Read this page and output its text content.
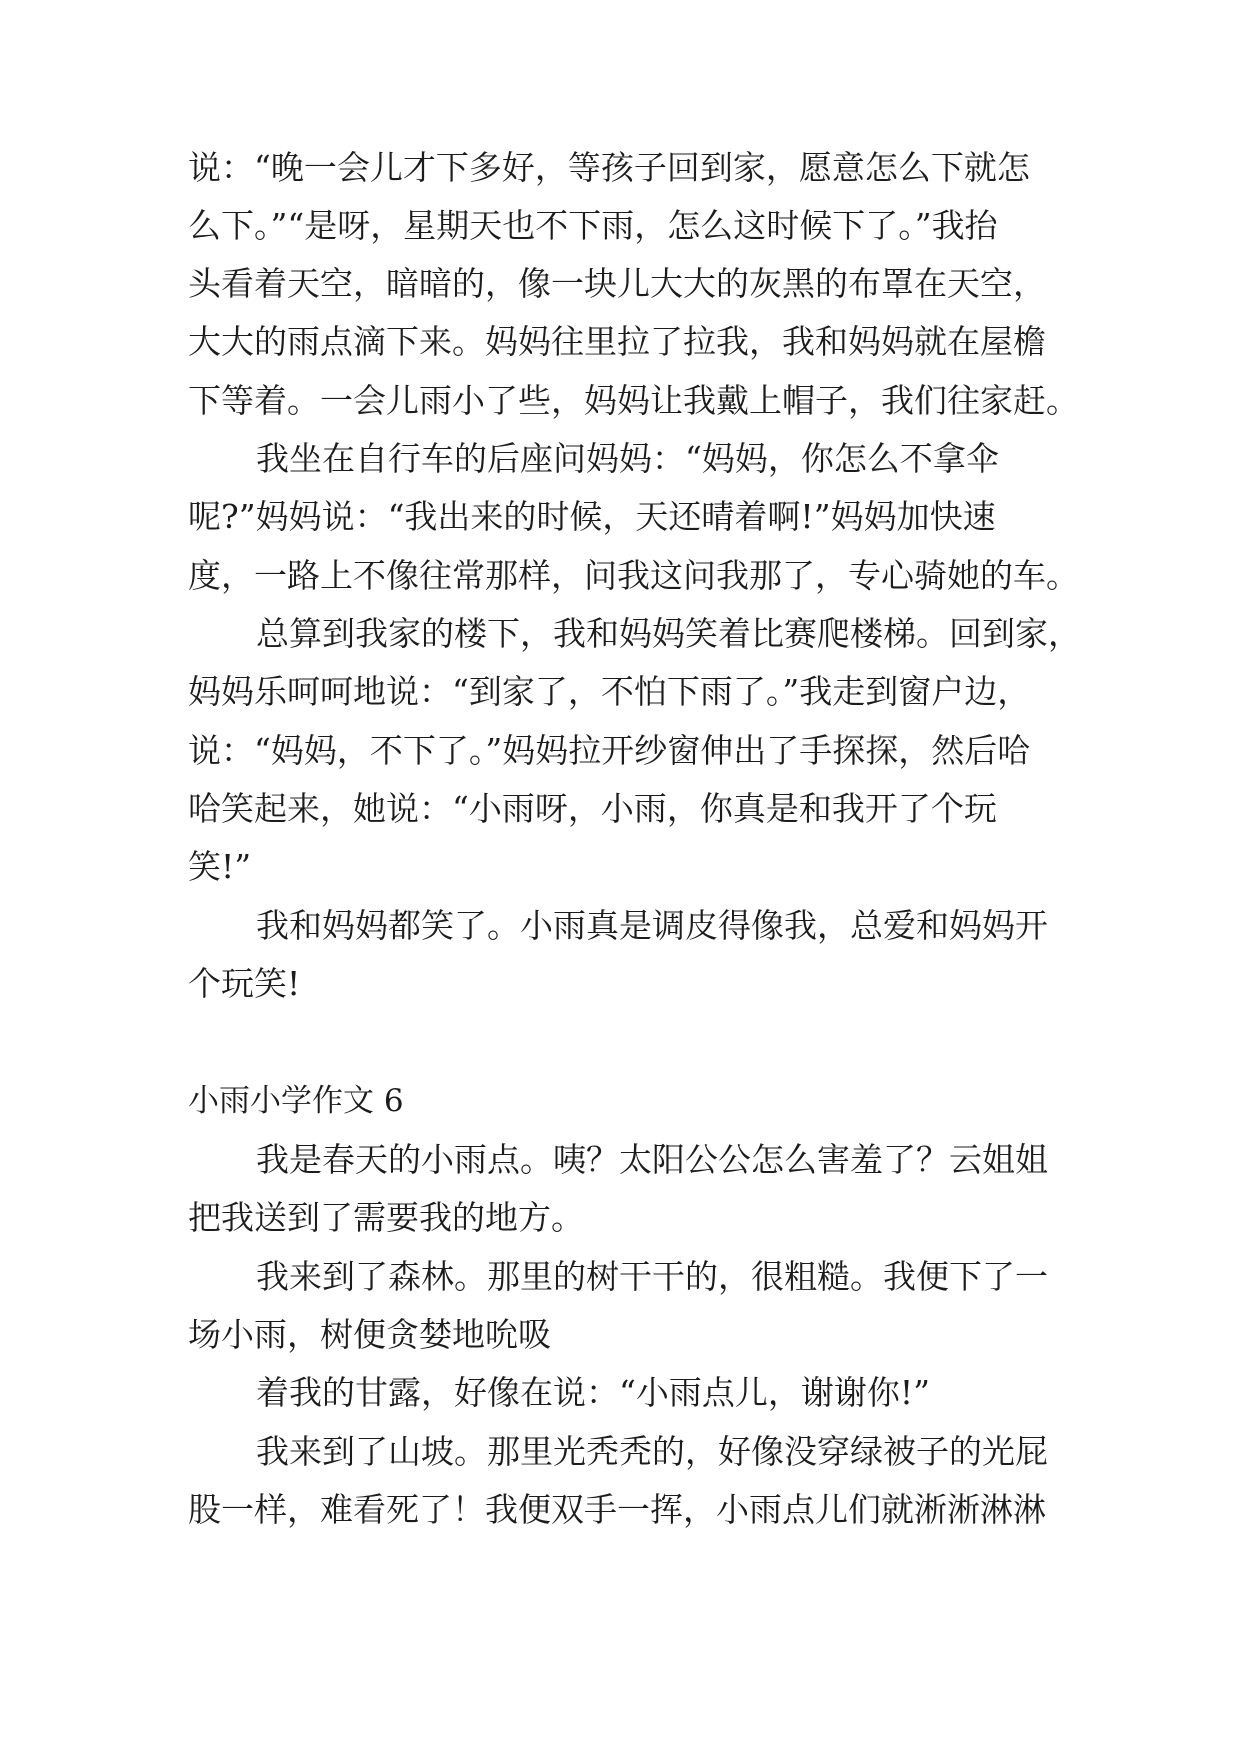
说：“晚一会儿才下多好，等孩子回到家，愿意怎么下就怎
么下。”“是呀，星期天也不下雨，怎么这时候下了。”我抬
头看着天空，暗暗的，像一块儿大大的灰黑的布罩在天空，
大大的雨点滴下来。妈妈往里拉了拉我，我和妈妈就在屋檐
下等着。一会儿雨小了些，妈妈让我戴上帽子，我们往家赶。
我坐在自行车的后座问妈妈：“妈妈，你怎么不拿伞
呢?”妈妈说：“我出来的时候，天还晴着啊!”妈妈加快速
度，一路上不像往常那样，问我这问我那了，专心骑她的车。
总算到我家的楼下，我和妈妈笑着比赛爬楼梯。回到家，
妈妈乐呵呵地说：“到家了，不怕下雨了。”我走到窗户边，
说：“妈妈，不下了。”妈妈拉开纱窗伸出了手探探，然后哈
哈笑起来，她说：“小雨呀，小雨，你真是和我开了个玩
笑!”
我和妈妈都笑了。小雨真是调皮得像我，总爱和妈妈开
个玩笑!
小雨小学作文 6
我是春天的小雨点。咦？太阳公公怎么害羞了？云姐姐
把我送到了需要我的地方。
我来到了森林。那里的树干干的，很粗糙。我便下了一
场小雨，树便贪婪地吮吸
着我的甘露，好像在说：“小雨点儿，谢谢你!”
我来到了山坡。那里光秃秃的，好像没穿绿被子的光屁
股一样，难看死了！我便双手一挥，小雨点儿们就淅淅淋淋
